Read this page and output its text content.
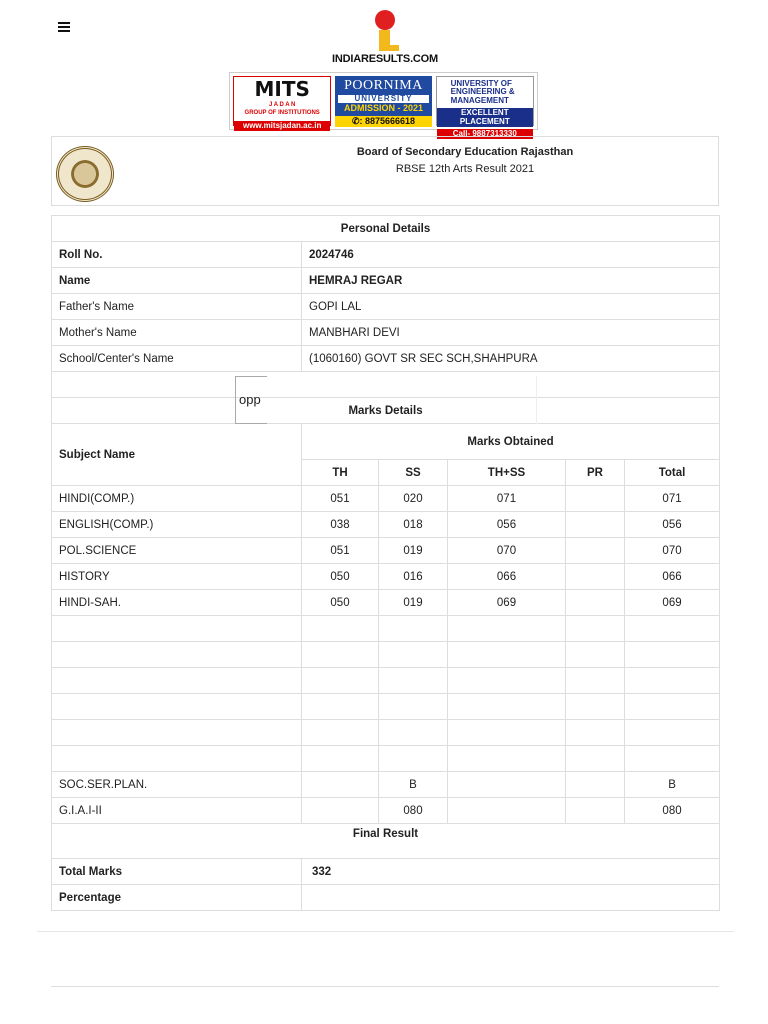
INDIARESULTS.COM
MITS
J A D A N
GROUP OF INSTITUTIONS
www.mitsjadan.ac.in
POORNIMA
UNIVERSITY
ADMISSION - 2021
✆: 8875666618
UNIVERSITY OF ENGINEERING & MANAGEMENT
EXCELLENT PLACEMENT
Call- 9887313330
Board of Secondary Education Rajasthan
RBSE 12th Arts Result 2021
Personal Details					
Roll No.	2024746				
Name	HEMRAJ REGAR				
Father's Name	GOPI LAL				
Mother's Name	MANBHARI DEVI				
School/Center's Name	(1060160) GOVT SR SEC SCH,SHAHPURA				

opp					

Marks Details					
Subject Name	Marks Obtained				
	TH	SS	TH+SS	PR	Total
HINDI(COMP.)	051	020	071		071
ENGLISH(COMP.)	038	018	056		056
POL.SCIENCE	051	019	070		070
HISTORY	050	016	066		066
HINDI-SAH.	050	019	069		069

SOC.SER.PLAN.		B			B
G.I.A.I-II		080			080
Final Result					
Total Marks	332				
Percentage					
